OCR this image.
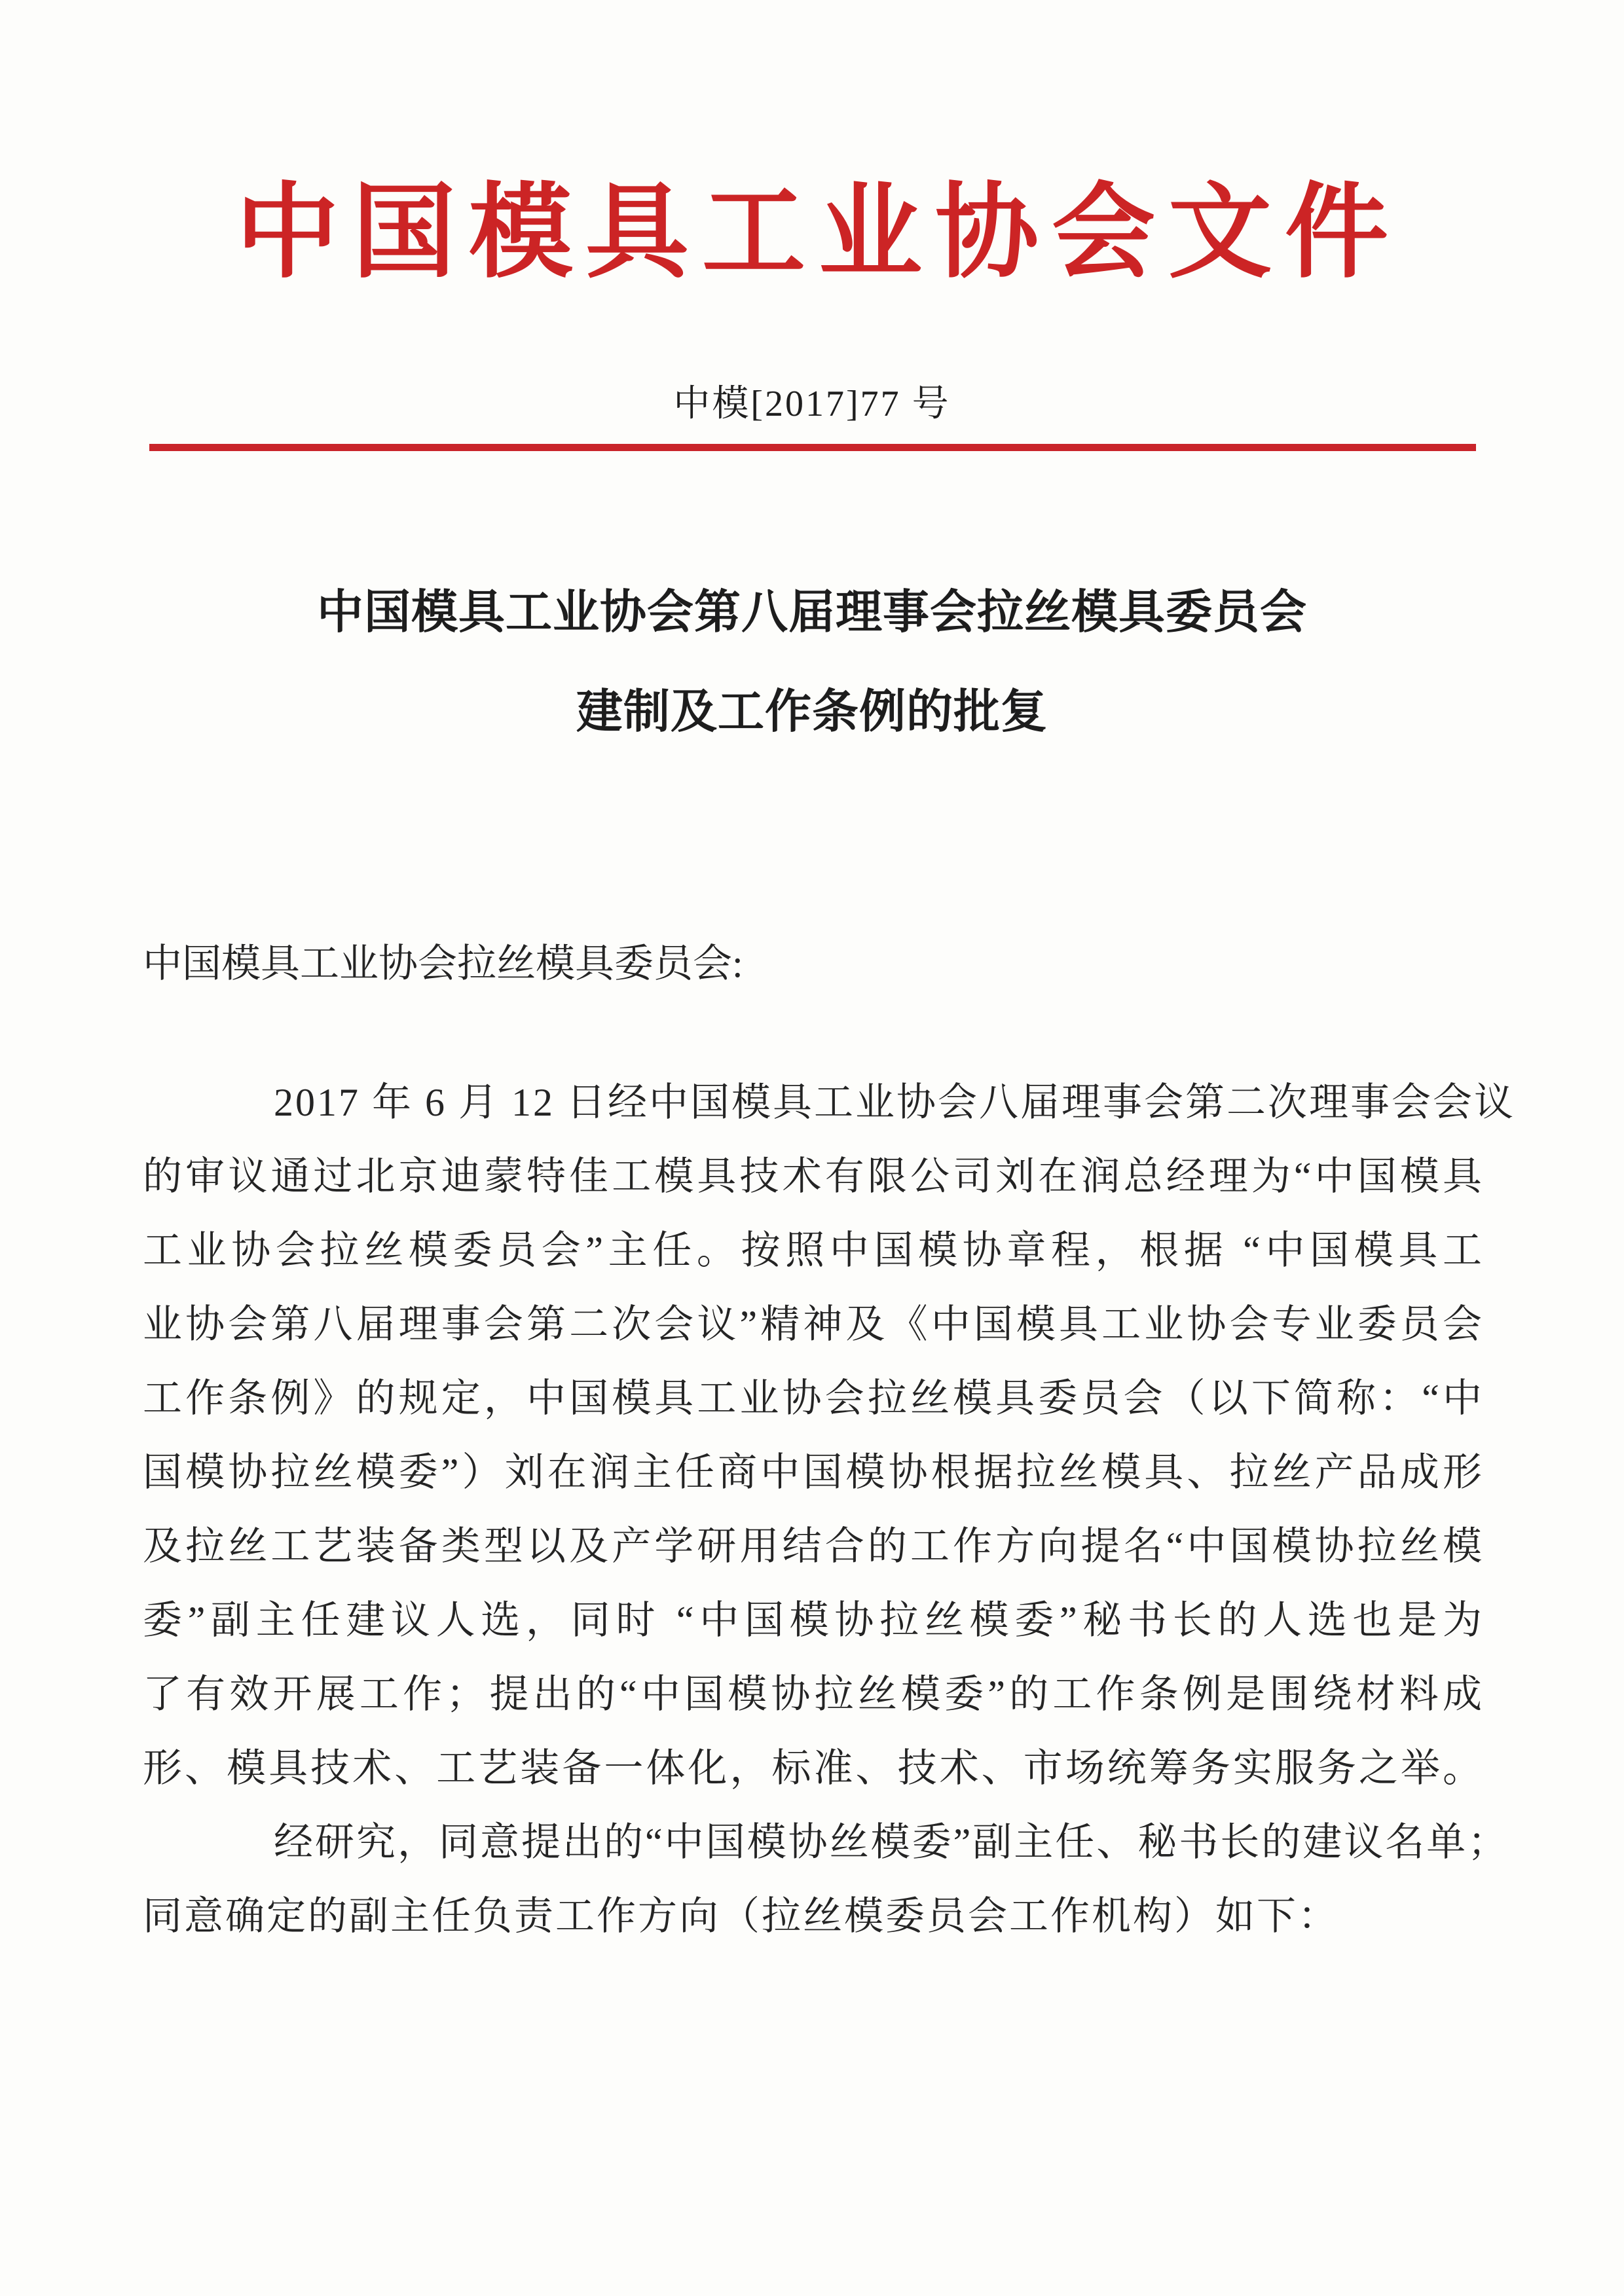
中国模具工业协会文件
中模[2017]77 号
中国模具工业协会第八届理事会拉丝模具委员会
建制及工作条例的批复
中国模具工业协会拉丝模具委员会:
2017 年 6 月 12 日经中国模具工业协会八届理事会第二次理事会会议
的审议通过北京迪蒙特佳工模具技术有限公司刘在润总经理为“中国模具
工业协会拉丝模委员会”主任。按照中国模协章程，根据 “中国模具工
业协会第八届理事会第二次会议”精神及《中国模具工业协会专业委员会
工作条例》的规定，中国模具工业协会拉丝模具委员会（以下简称：“中
国模协拉丝模委”）刘在润主任商中国模协根据拉丝模具、拉丝产品成形
及拉丝工艺装备类型以及产学研用结合的工作方向提名“中国模协拉丝模
委”副主任建议人选，同时 “中国模协拉丝模委”秘书长的人选也是为
了有效开展工作；提出的“中国模协拉丝模委”的工作条例是围绕材料成
形、模具技术、工艺装备一体化，标准、技术、市场统筹务实服务之举。
经研究，同意提出的“中国模协丝模委”副主任、秘书长的建议名单；
同意确定的副主任负责工作方向（拉丝模委员会工作机构）如下：
